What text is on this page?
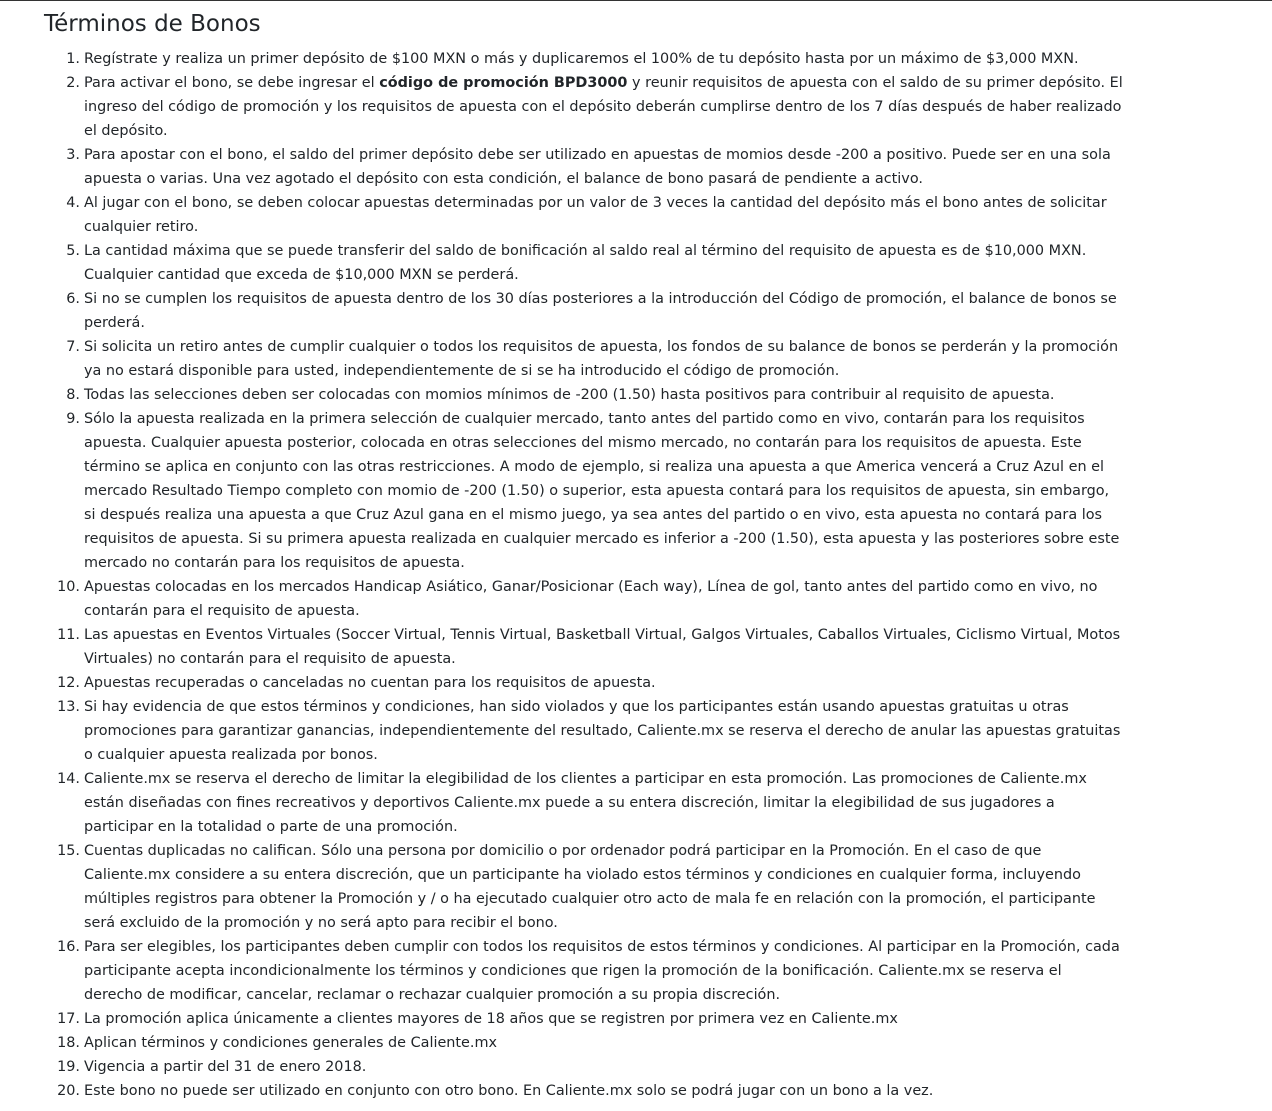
Términos de Bonos
1. Regístrate y realiza un primer depósito de $100 MXN o más y duplicaremos el 100% de tu depósito hasta por un máximo de $3,000 MXN.
2. Para activar el bono, se debe ingresar el código de promoción BPD3000 y reunir requisitos de apuesta con el saldo de su primer depósito. El ingreso del código de promoción y los requisitos de apuesta con el depósito deberán cumplirse dentro de los 7 días después de haber realizado el depósito.
3. Para apostar con el bono, el saldo del primer depósito debe ser utilizado en apuestas de momios desde -200 a positivo. Puede ser en una sola apuesta o varias. Una vez agotado el depósito con esta condición, el balance de bono pasará de pendiente a activo.
4. Al jugar con el bono, se deben colocar apuestas determinadas por un valor de 3 veces la cantidad del depósito más el bono antes de solicitar cualquier retiro.
5. La cantidad máxima que se puede transferir del saldo de bonificación al saldo real al término del requisito de apuesta es de $10,000 MXN. Cualquier cantidad que exceda de $10,000 MXN se perderá.
6. Si no se cumplen los requisitos de apuesta dentro de los 30 días posteriores a la introducción del Código de promoción, el balance de bonos se perderá.
7. Si solicita un retiro antes de cumplir cualquier o todos los requisitos de apuesta, los fondos de su balance de bonos se perderán y la promoción ya no estará disponible para usted, independientemente de si se ha introducido el código de promoción.
8. Todas las selecciones deben ser colocadas con momios mínimos de -200 (1.50) hasta positivos para contribuir al requisito de apuesta.
9. Sólo la apuesta realizada en la primera selección de cualquier mercado, tanto antes del partido como en vivo, contarán para los requisitos apuesta. Cualquier apuesta posterior, colocada en otras selecciones del mismo mercado, no contarán para los requisitos de apuesta. Este término se aplica en conjunto con las otras restricciones. A modo de ejemplo, si realiza una apuesta a que America vencerá a Cruz Azul en el mercado Resultado Tiempo completo con momio de -200 (1.50) o superior, esta apuesta contará para los requisitos de apuesta, sin embargo, si después realiza una apuesta a que Cruz Azul gana en el mismo juego, ya sea antes del partido o en vivo, esta apuesta no contará para los requisitos de apuesta. Si su primera apuesta realizada en cualquier mercado es inferior a -200 (1.50), esta apuesta y las posteriores sobre este mercado no contarán para los requisitos de apuesta.
10. Apuestas colocadas en los mercados Handicap Asiático, Ganar/Posicionar (Each way), Línea de gol, tanto antes del partido como en vivo, no contarán para el requisito de apuesta.
11. Las apuestas en Eventos Virtuales (Soccer Virtual, Tennis Virtual, Basketball Virtual, Galgos Virtuales, Caballos Virtuales, Ciclismo Virtual, Motos Virtuales) no contarán para el requisito de apuesta.
12. Apuestas recuperadas o canceladas no cuentan para los requisitos de apuesta.
13. Si hay evidencia de que estos términos y condiciones, han sido violados y que los participantes están usando apuestas gratuitas u otras promociones para garantizar ganancias, independientemente del resultado, Caliente.mx se reserva el derecho de anular las apuestas gratuitas o cualquier apuesta realizada por bonos.
14. Caliente.mx se reserva el derecho de limitar la elegibilidad de los clientes a participar en esta promoción. Las promociones de Caliente.mx están diseñadas con fines recreativos y deportivos Caliente.mx puede a su entera discreción, limitar la elegibilidad de sus jugadores a participar en la totalidad o parte de una promoción.
15. Cuentas duplicadas no califican. Sólo una persona por domicilio o por ordenador podrá participar en la Promoción. En el caso de que Caliente.mx considere a su entera discreción, que un participante ha violado estos términos y condiciones en cualquier forma, incluyendo múltiples registros para obtener la Promoción y / o ha ejecutado cualquier otro acto de mala fe en relación con la promoción, el participante será excluido de la promoción y no será apto para recibir el bono.
16. Para ser elegibles, los participantes deben cumplir con todos los requisitos de estos términos y condiciones. Al participar en la Promoción, cada participante acepta incondicionalmente los términos y condiciones que rigen la promoción de la bonificación. Caliente.mx se reserva el derecho de modificar, cancelar, reclamar o rechazar cualquier promoción a su propia discreción.
17. La promoción aplica únicamente a clientes mayores de 18 años que se registren por primera vez en Caliente.mx
18. Aplican términos y condiciones generales de Caliente.mx
19. Vigencia a partir del 31 de enero 2018.
20. Este bono no puede ser utilizado en conjunto con otro bono. En Caliente.mx solo se podrá jugar con un bono a la vez.
